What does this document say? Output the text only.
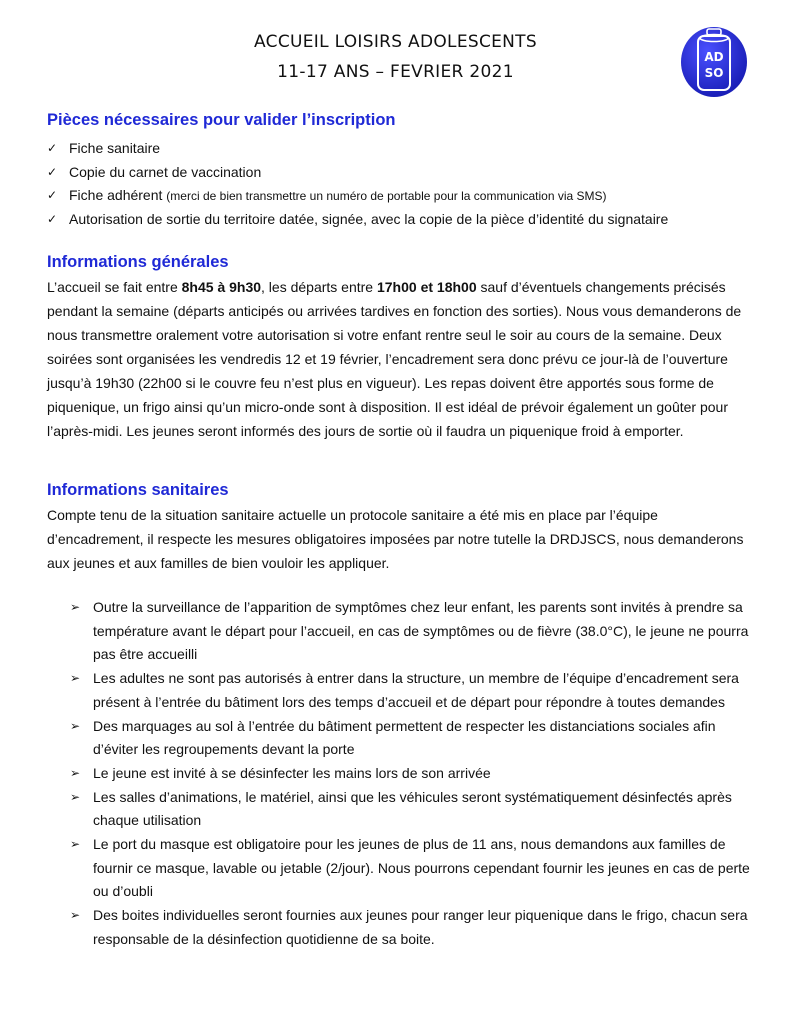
ACCUEIL LOISIRS ADOLESCENTS
11-17 ANS – FEVRIER 2021
AD
SO
Pièces nécessaires pour valider l’inscription
✓ Fiche sanitaire
✓ Copie du carnet de vaccination
✓ Fiche adhérent (merci de bien transmettre un numéro de portable pour la communication via SMS)
✓ Autorisation de sortie du territoire datée, signée, avec la copie de la pièce d’identité du signataire
Informations générales

L’accueil se fait entre 8h45 à 9h30, les départs entre 17h00 et 18h00 sauf d’éventuels changements précisés pendant la semaine (départs anticipés ou arrivées tardives en fonction des sorties). Nous vous demanderons de nous transmettre oralement votre autorisation si votre enfant rentre seul le soir au cours de la semaine. Deux soirées sont organisées les vendredis 12 et 19 février, l’encadrement sera donc prévu ce jour-là de l’ouverture jusqu’à 19h30 (22h00 si le couvre feu n’est plus en vigueur). Les repas doivent être apportés sous forme de piquenique, un frigo ainsi qu’un micro-onde sont à disposition. Il est idéal de prévoir également un goûter pour l’après-midi. Les jeunes seront informés des jours de sortie où il faudra un piquenique froid à emporter.

Informations sanitaires

Compte tenu de la situation sanitaire actuelle un protocole sanitaire a été mis en place par l’équipe d’encadrement, il respecte les mesures obligatoires imposées par notre tutelle la DRDJSCS, nous demanderons aux jeunes et aux familles de bien vouloir les appliquer.

➢ Outre la surveillance de l’apparition de symptômes chez leur enfant, les parents sont invités à prendre sa température avant le départ pour l’accueil, en cas de symptômes ou de fièvre (38.0°C), le jeune ne pourra pas être accueilli
➢ Les adultes ne sont pas autorisés à entrer dans la structure, un membre de l’équipe d’encadrement sera présent à l’entrée du bâtiment lors des temps d’accueil et de départ pour répondre à toutes demandes
➢ Des marquages au sol à l’entrée du bâtiment permettent de respecter les distanciations sociales afin d’éviter les regroupements devant la porte
➢ Le jeune est invité à se désinfecter les mains lors de son arrivée
➢ Les salles d’animations, le matériel, ainsi que les véhicules seront systématiquement désinfectés après chaque utilisation
➢ Le port du masque est obligatoire pour les jeunes de plus de 11 ans, nous demandons aux familles de fournir ce masque, lavable ou jetable (2/jour). Nous pourrons cependant fournir les jeunes en cas de perte ou d’oubli
➢ Des boites individuelles seront fournies aux jeunes pour ranger leur piquenique dans le frigo, chacun sera responsable de la désinfection quotidienne de sa boite.
